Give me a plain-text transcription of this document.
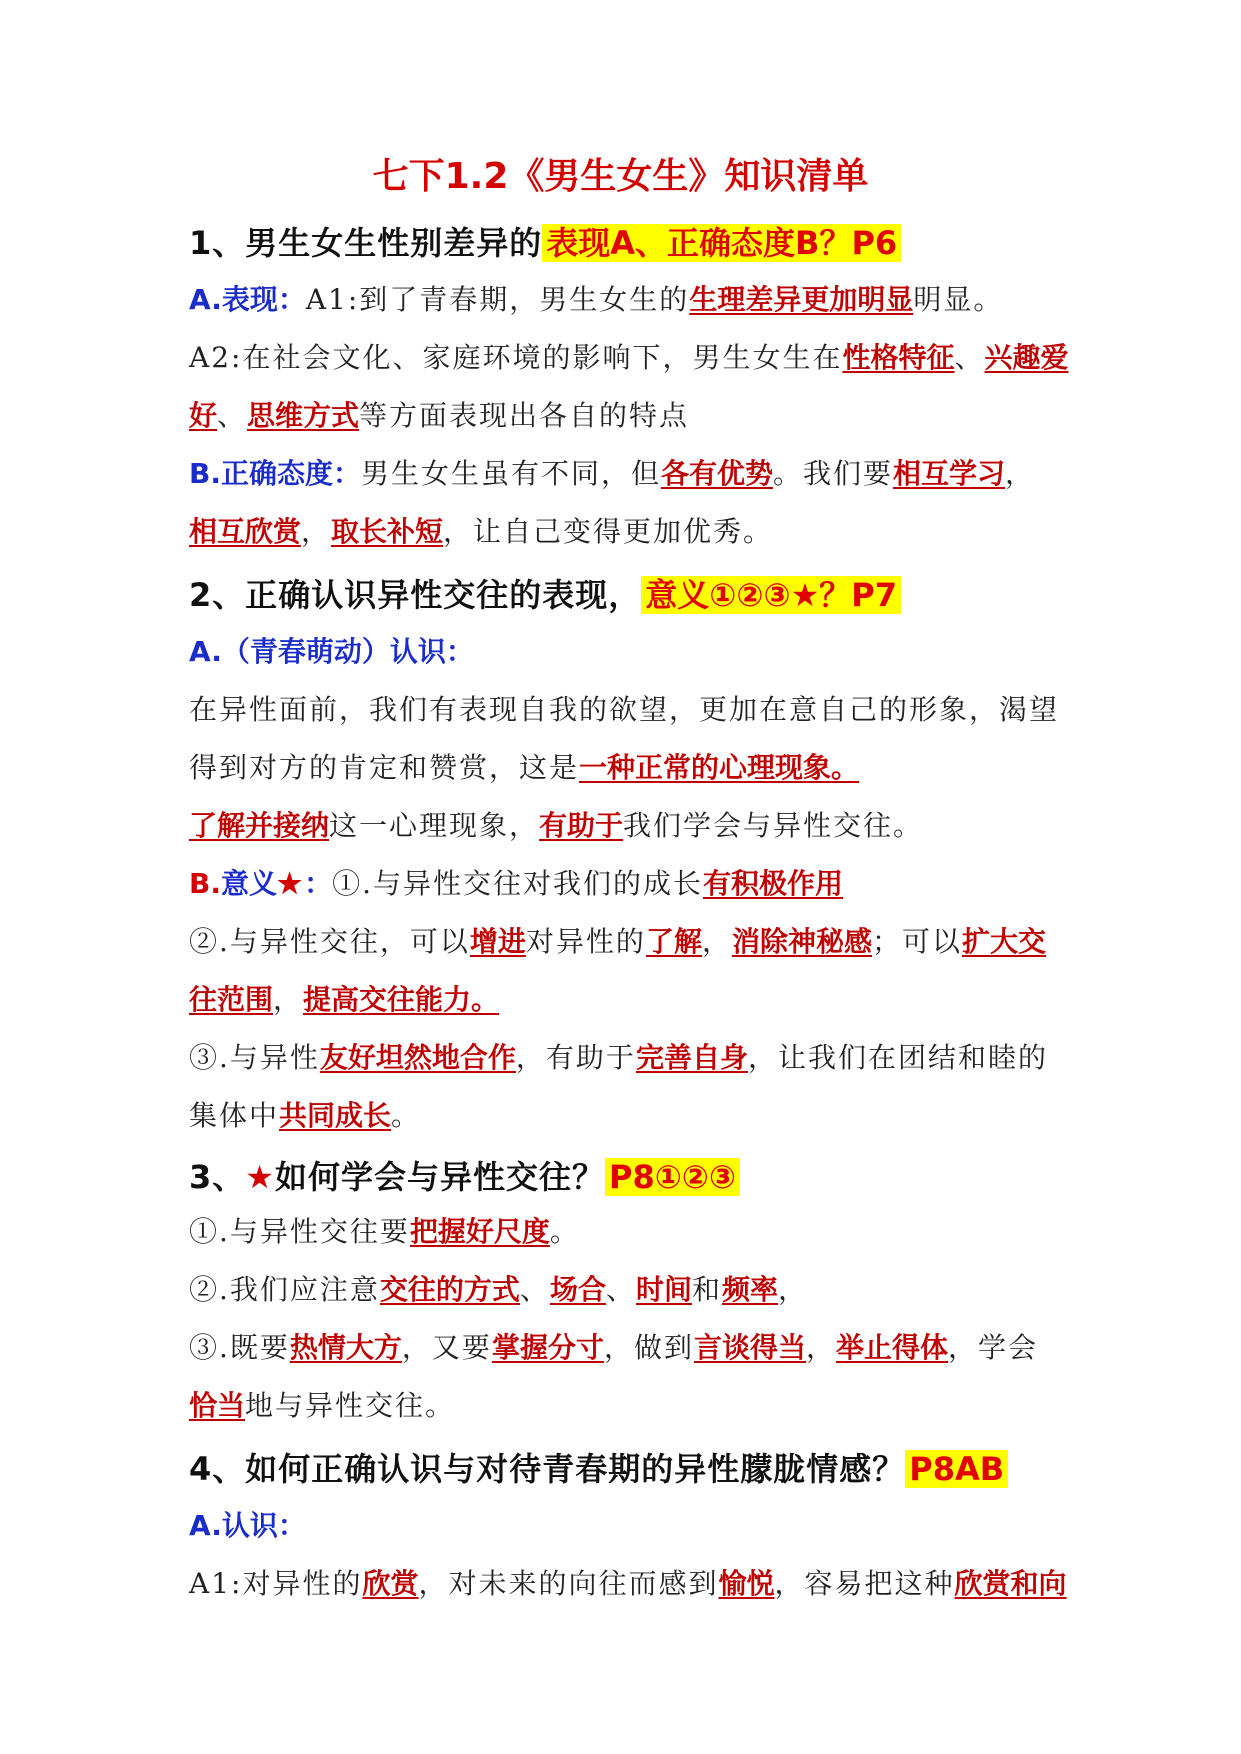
七下1.2《男生女生》知识清单
1、男生女生性别差异的 表现A、正确态度B？P6
A.表现：A1:到了青春期，男生女生的生理差异更加明显明显。
A2:在社会文化、家庭环境的影响下，男生女生在性格特征、兴趣爱
好、思维方式等方面表现出各自的特点
B.正确态度：男生女生虽有不同，但各有优势。我们要相互学习，
相互欣赏，取长补短，让自己变得更加优秀。
2、正确认识异性交往的表现， 意义①②③★？P7
A.（青春萌动）认识：
在异性面前，我们有表现自我的欲望，更加在意自己的形象，渴望
得到对方的肯定和赞赏，这是一种正常的心理现象。
了解并接纳这一心理现象，有助于我们学会与异性交往。
B.意义★：①.与异性交往对我们的成长有积极作用
②.与异性交往，可以增进对异性的了解，消除神秘感；可以扩大交
往范围，提高交往能力。
③.与异性友好坦然地合作，有助于完善自身，让我们在团结和睦的
集体中共同成长。
3、★如何学会与异性交往？ P8①②③
①.与异性交往要把握好尺度。
②.我们应注意交往的方式、场合、时间和频率，
③.既要热情大方，又要掌握分寸，做到言谈得当，举止得体，学会
恰当地与异性交往。
4、如何正确认识与对待青春期的异性朦胧情感？ P8AB
A.认识：
A1:对异性的欣赏，对未来的向往而感到愉悦，容易把这种欣赏和向
